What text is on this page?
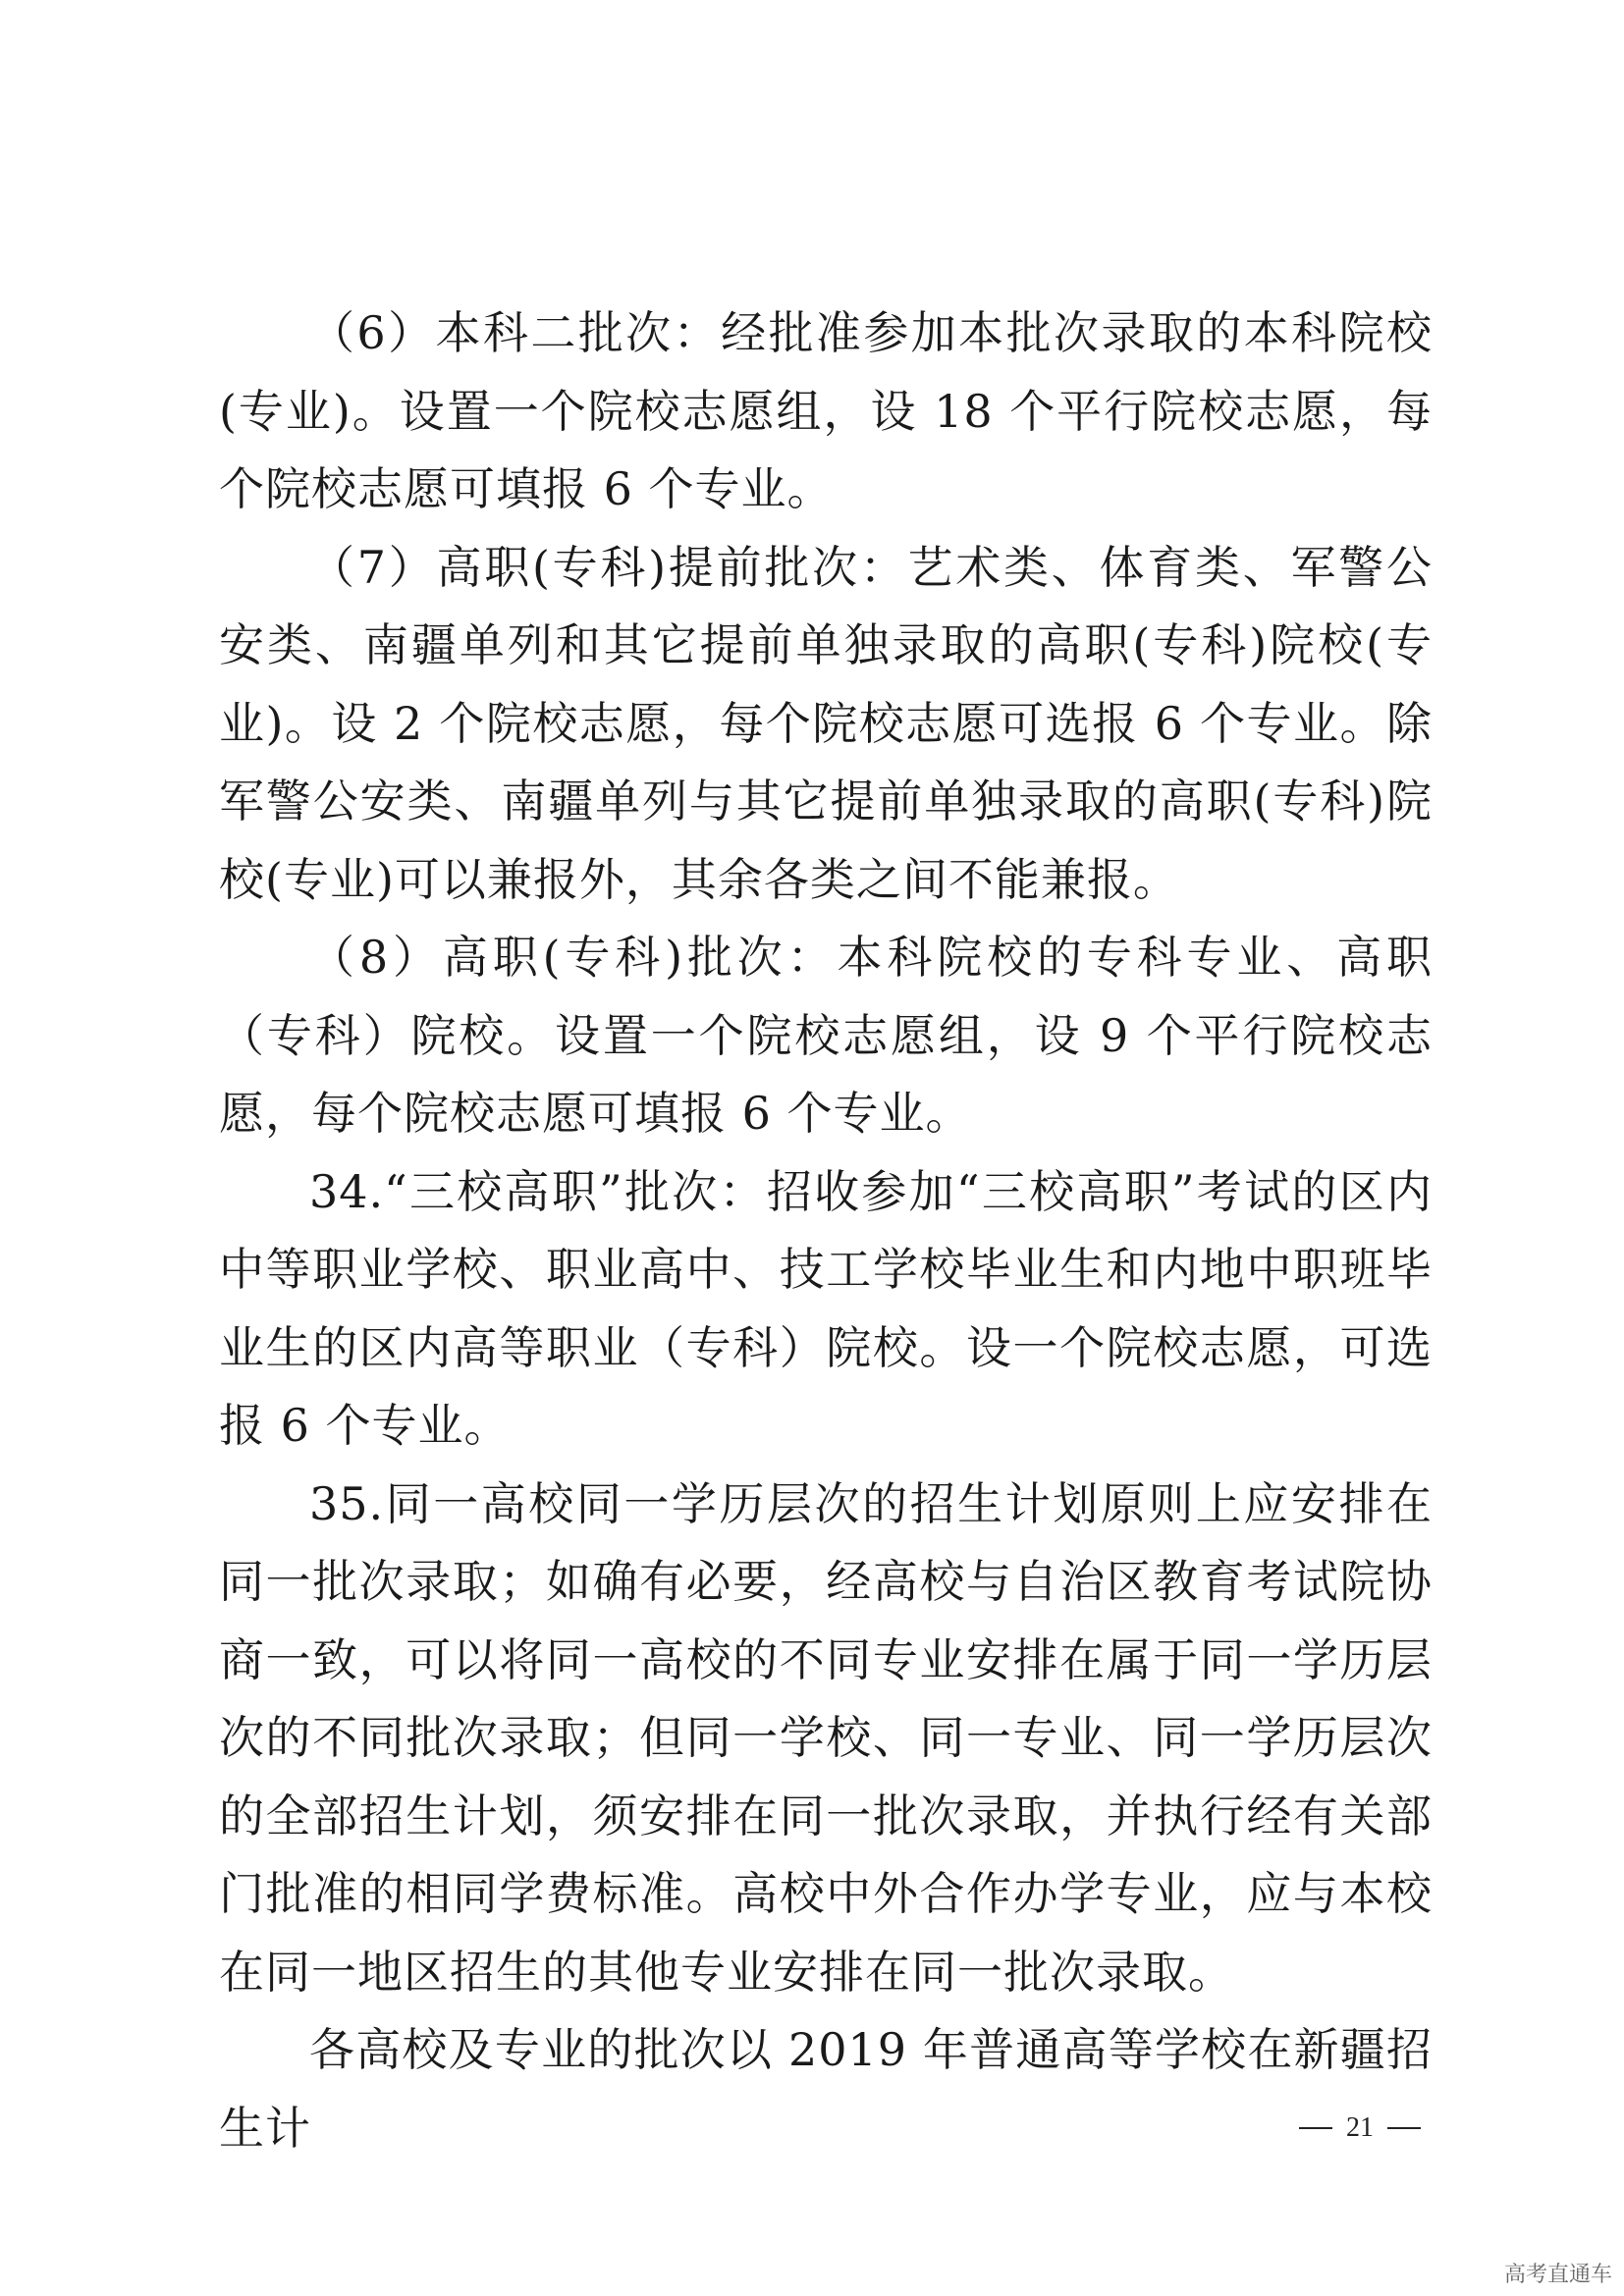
（6）本科二批次：经批准参加本批次录取的本科院校(专业)。设置一个院校志愿组，设 18 个平行院校志愿，每个院校志愿可填报 6 个专业。

（7）高职(专科)提前批次：艺术类、体育类、军警公安类、南疆单列和其它提前单独录取的高职(专科)院校(专业)。设 2 个院校志愿，每个院校志愿可选报 6 个专业。除军警公安类、南疆单列与其它提前单独录取的高职(专科)院校(专业)可以兼报外，其余各类之间不能兼报。

（8）高职(专科)批次：本科院校的专科专业、高职（专科）院校。设置一个院校志愿组，设 9 个平行院校志愿，每个院校志愿可填报 6 个专业。

34.“三校高职”批次：招收参加“三校高职”考试的区内中等职业学校、职业高中、技工学校毕业生和内地中职班毕业生的区内高等职业（专科）院校。设一个院校志愿，可选报 6 个专业。

35.同一高校同一学历层次的招生计划原则上应安排在同一批次录取；如确有必要，经高校与自治区教育考试院协商一致，可以将同一高校的不同专业安排在属于同一学历层次的不同批次录取；但同一学校、同一专业、同一学历层次的全部招生计划，须安排在同一批次录取，并执行经有关部门批准的相同学费标准。高校中外合作办学专业，应与本校在同一地区招生的其他专业安排在同一批次录取。

各高校及专业的批次以 2019 年普通高等学校在新疆招生计	21
高考直通车
